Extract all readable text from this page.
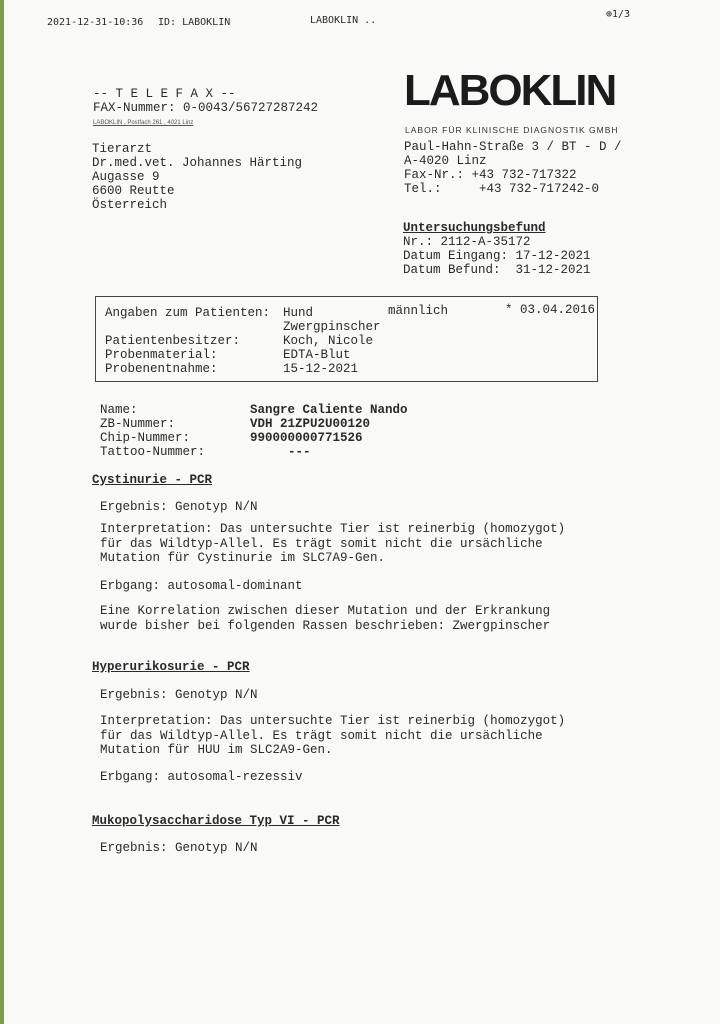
2021-12-31-10:36 ID: LABOKLIN	LABOKLIN ..
⊕1/3
-- T E L E F A X --
FAX-Nummer: 0-0043/56727287242
LABOKLIN , Postfach 261 , 4021 Linz
Tierarzt
Dr.med.vet. Johannes Härting
Augasse 9
6600 Reutte
Österreich
LABOKLIN
LABOR FÜR KLINISCHE DIAGNOSTIK GMBH
Paul-Hahn-Straße 3 / BT - D /
A-4020 Linz
Fax-Nr.: +43 732-717322
Tel.:     +43 732-717242-0
Untersuchungsbefund
Nr.: 2112-A-35172
Datum Eingang: 17-12-2021
Datum Befund:  31-12-2021
Angaben zum Patienten: Hund	männlich	* 03.04.2016
Zwergpinscher
Patientenbesitzer:	Koch, Nicole
Probenmaterial:	EDTA-Blut
Probenentnahme:	15-12-2021
Name:	Sangre Caliente Nando
ZB-Nummer:	VDH 21ZPU2U00120
Chip-Nummer:	990000000771526
Tattoo-Nummer:	---
Cystinurie - PCR
Ergebnis: Genotyp N/N
Interpretation: Das untersuchte Tier ist reinerbig (homozygot)
für das Wildtyp-Allel. Es trägt somit nicht die ursächliche
Mutation für Cystinurie im SLC7A9-Gen.
Erbgang: autosomal-dominant
Eine Korrelation zwischen dieser Mutation und der Erkrankung
wurde bisher bei folgenden Rassen beschrieben: Zwergpinscher
Hyperurikosurie - PCR
Ergebnis: Genotyp N/N
Interpretation: Das untersuchte Tier ist reinerbig (homozygot)
für das Wildtyp-Allel. Es trägt somit nicht die ursächliche
Mutation für HUU im SLC2A9-Gen.
Erbgang: autosomal-rezessiv
Mukopolysaccharidose Typ VI - PCR
Ergebnis: Genotyp N/N
